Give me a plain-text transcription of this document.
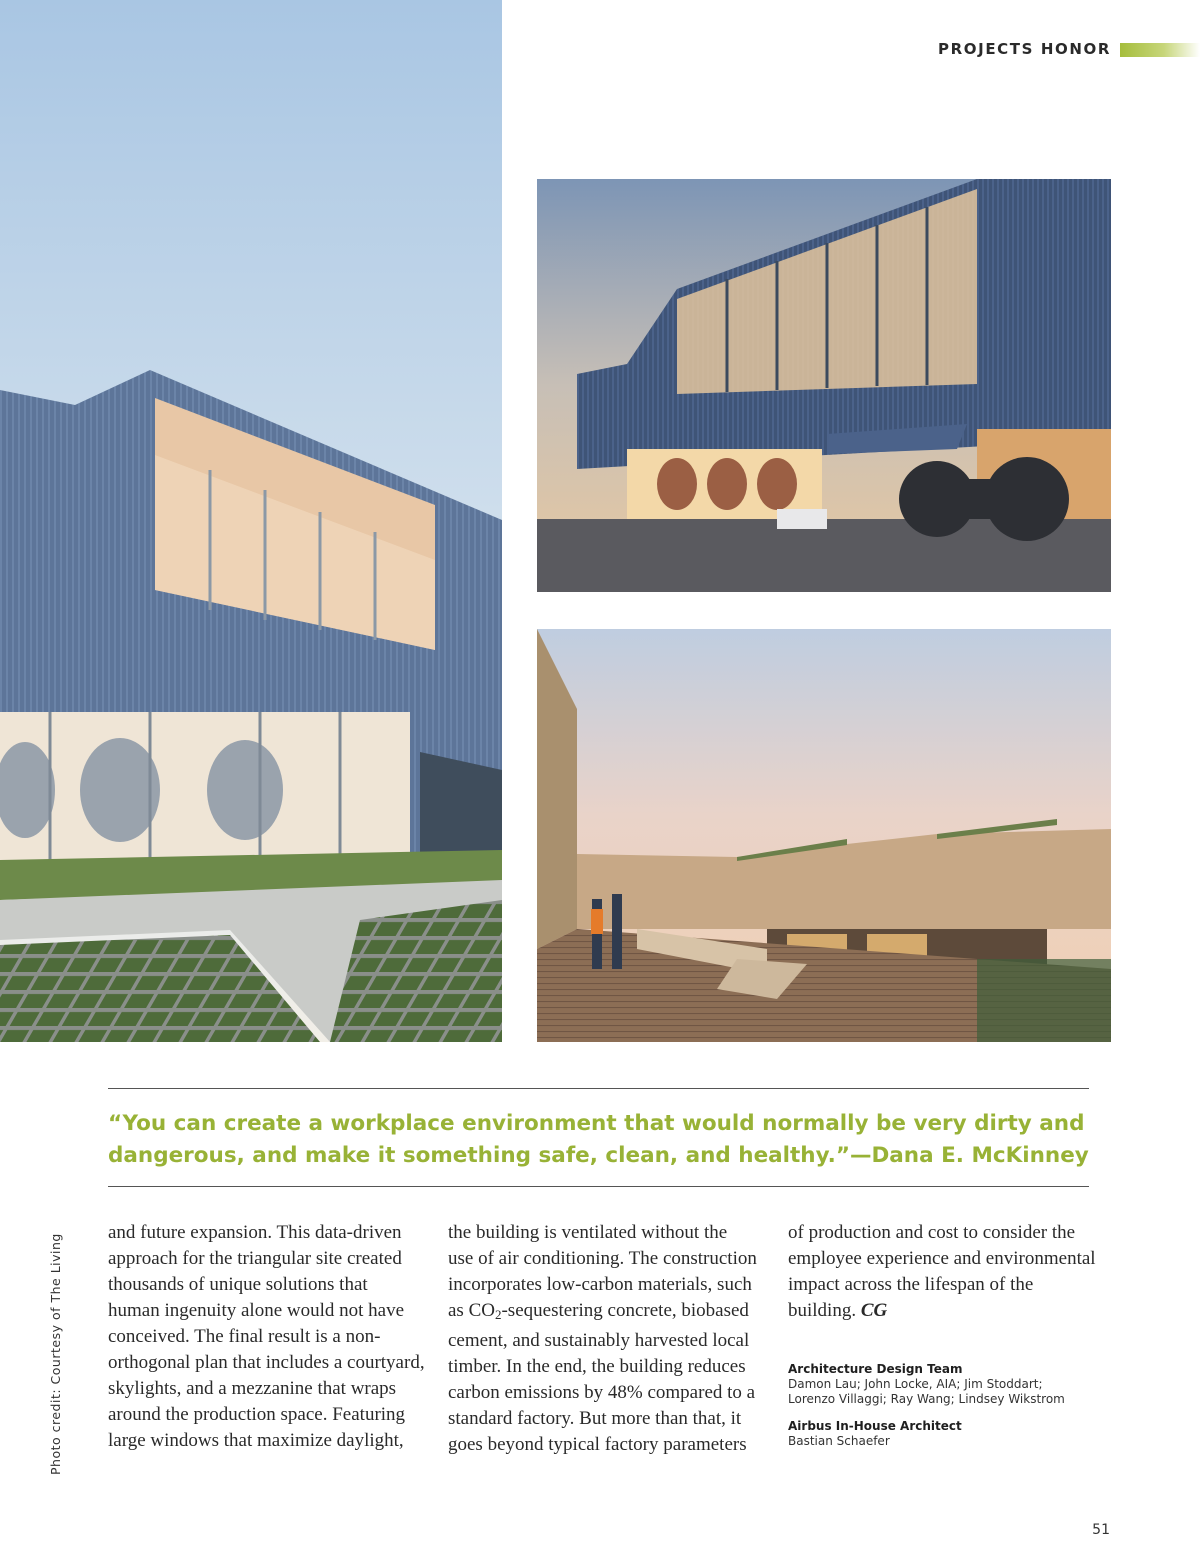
PROJECTS HONOR
“You can create a workplace environment that would normally be very dirty and dangerous, and make it something safe, clean, and healthy.”—Dana E. McKinney
Photo credit: Courtesy of The Living
and future expansion. This data-driven
approach for the triangular site created
thousands of unique solutions that
human ingenuity alone would not have
conceived. The final result is a non-
orthogonal plan that includes a courtyard,
skylights, and a mezzanine that wraps
around the production space. Featuring
large windows that maximize daylight,
the building is ventilated without the
use of air conditioning. The construction
incorporates low-carbon materials, such
as $CO_2$-sequestering concrete, biobased
cement, and sustainably harvested local
timber. In the end, the building reduces
carbon emissions by 48% compared to a
standard factory. But more than that, it
goes beyond typical factory parameters
of production and cost to consider the
employee experience and environmental
impact across the lifespan of the
building. CG
Architecture Design Team
Damon Lau; John Locke, AIA; Jim Stoddart;
Lorenzo Villaggi; Ray Wang; Lindsey Wikstrom
Airbus In-House Architect
Bastian Schaefer
51
